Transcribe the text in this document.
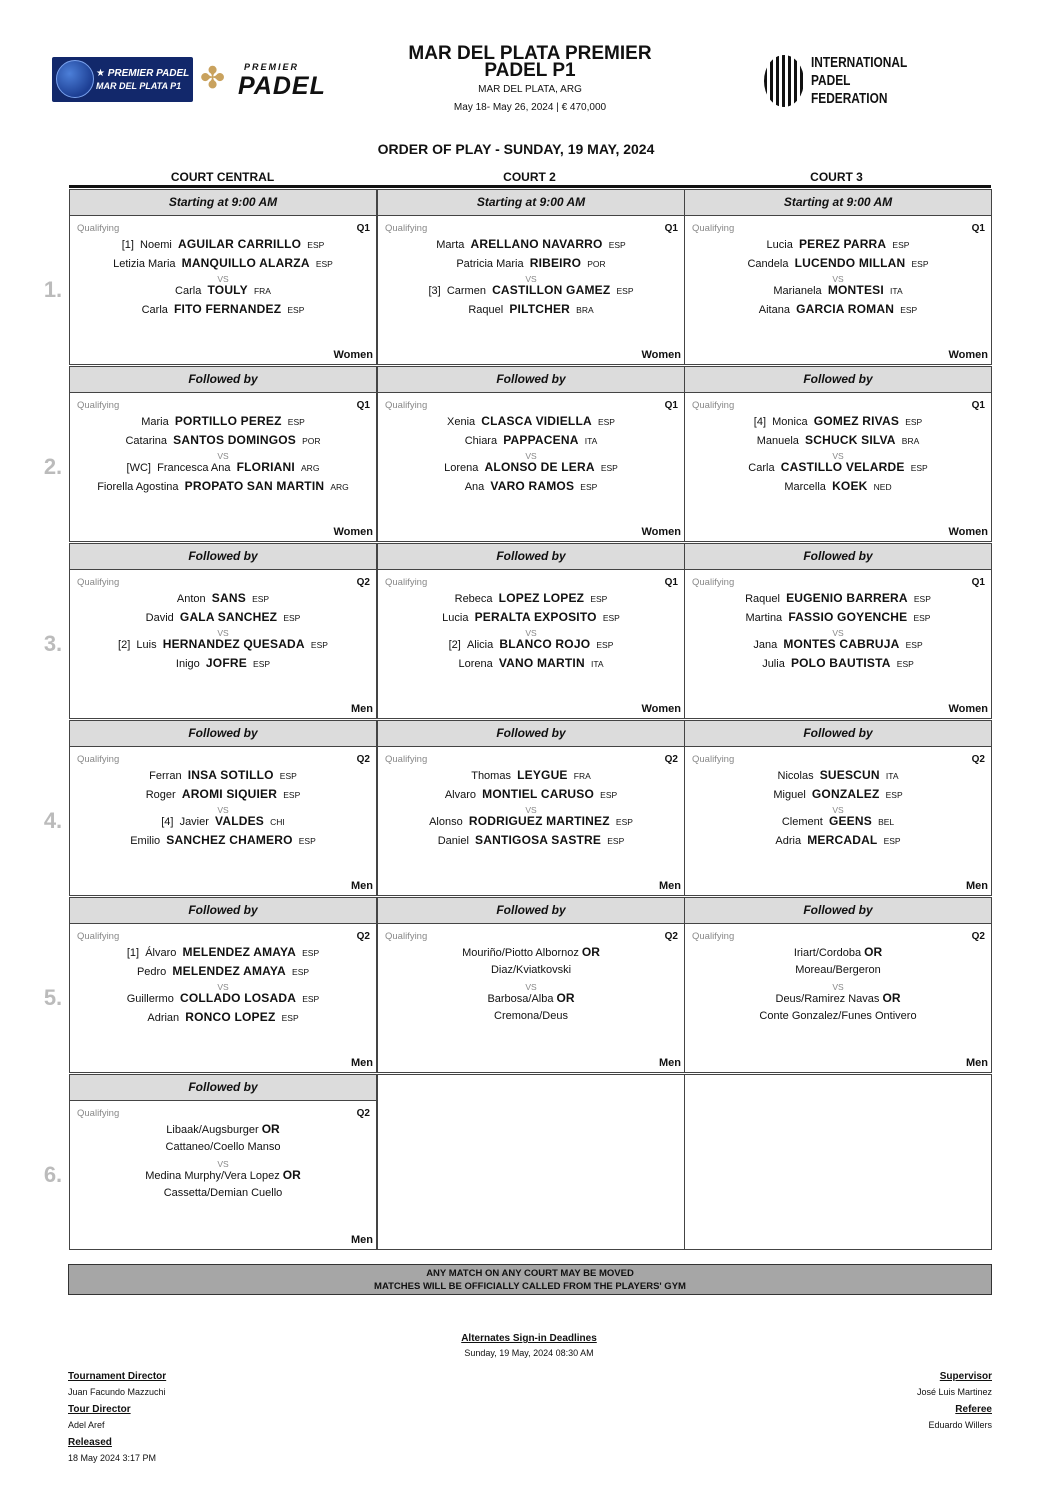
★ PREMIER PADEL
MAR DEL PLATA P1 ✤ PREMIER
PADEL
MAR DEL PLATA PREMIER
PADEL P1
MAR DEL PLATA, ARG
May 18- May 26, 2024 | € 470,000
INTERNATIONAL
PADEL
FEDERATION
ORDER OF PLAY - SUNDAY, 19 MAY, 2024
COURT CENTRAL	COURT 2	COURT 3
1.
Starting at 9:00 AM
Qualifying	Q1
[1] Noemi AGUILAR CARRILLO ESP
Letizia Maria MANQUILLO ALARZA ESP
Carla TOULY FRA
Carla FITO FERNANDEZ ESP
VS
Women
Starting at 9:00 AM
Qualifying	Q1
Marta ARELLANO NAVARRO ESP
Patricia Maria RIBEIRO POR
[3] Carmen CASTILLON GAMEZ ESP
Raquel PILTCHER BRA
VS
Women
Starting at 9:00 AM
Qualifying	Q1
Lucia PEREZ PARRA ESP
Candela LUCENDO MILLAN ESP
Marianela MONTESI ITA
Aitana GARCIA ROMAN ESP
VS
Women
2.
Followed by
Qualifying	Q1
Maria PORTILLO PEREZ ESP
Catarina SANTOS DOMINGOS POR
[WC] Francesca Ana FLORIANI ARG
Fiorella Agostina PROPATO SAN MARTIN ARG
VS
Women
Followed by
Qualifying	Q1
Xenia CLASCA VIDIELLA ESP
Chiara PAPPACENA ITA
Lorena ALONSO DE LERA ESP
Ana VARO RAMOS ESP
VS
Women
Followed by
Qualifying	Q1
[4] Monica GOMEZ RIVAS ESP
Manuela SCHUCK SILVA BRA
Carla CASTILLO VELARDE ESP
Marcella KOEK NED
VS
Women
3.
Followed by
Qualifying	Q2
Anton SANS ESP
David GALA SANCHEZ ESP
[2] Luis HERNANDEZ QUESADA ESP
Inigo JOFRE ESP
VS
Men
Followed by
Qualifying	Q1
Rebeca LOPEZ LOPEZ ESP
Lucia PERALTA EXPOSITO ESP
[2] Alicia BLANCO ROJO ESP
Lorena VANO MARTIN ITA
VS
Women
Followed by
Qualifying	Q1
Raquel EUGENIO BARRERA ESP
Martina FASSIO GOYENCHE ESP
Jana MONTES CABRUJA ESP
Julia POLO BAUTISTA ESP
VS
Women
4.
Followed by
Qualifying	Q2
Ferran INSA SOTILLO ESP
Roger AROMI SIQUIER ESP
[4] Javier VALDES CHI
Emilio SANCHEZ CHAMERO ESP
VS
Men
Followed by
Qualifying	Q2
Thomas LEYGUE FRA
Alvaro MONTIEL CARUSO ESP
Alonso RODRIGUEZ MARTINEZ ESP
Daniel SANTIGOSA SASTRE ESP
VS
Men
Followed by
Qualifying	Q2
Nicolas SUESCUN ITA
Miguel GONZALEZ ESP
Clement GEENS BEL
Adria MERCADAL ESP
VS
Men
5.
Followed by
Qualifying	Q2
[1] Álvaro MELENDEZ AMAYA ESP
Pedro MELENDEZ AMAYA ESP
Guillermo COLLADO LOSADA ESP
Adrian RONCO LOPEZ ESP
VS
Men
Followed by
Qualifying	Q2
Mouriño/Piotto Albornoz OR
Diaz/Kviatkovski
Barbosa/Alba OR
Cremona/Deus
VS
Men
Followed by
Qualifying	Q2
Iriart/Cordoba OR
Moreau/Bergeron
Deus/Ramirez Navas OR
Conte Gonzalez/Funes Ontivero
VS
Men
6.
Followed by
Qualifying	Q2
Libaak/Augsburger OR
Cattaneo/Coello Manso
Medina Murphy/Vera Lopez OR
Cassetta/Demian Cuello
VS
Men
ANY MATCH ON ANY COURT MAY BE MOVED
MATCHES WILL BE OFFICIALLY CALLED FROM THE PLAYERS' GYM
Alternates Sign-in Deadlines
Sunday, 19 May, 2024 08:30 AM
Tournament Director
Juan Facundo Mazzuchi
Tour Director
Adel Aref
Released
18 May 2024 3:17 PM
Supervisor
José Luis Martinez
Referee
Eduardo Willers
